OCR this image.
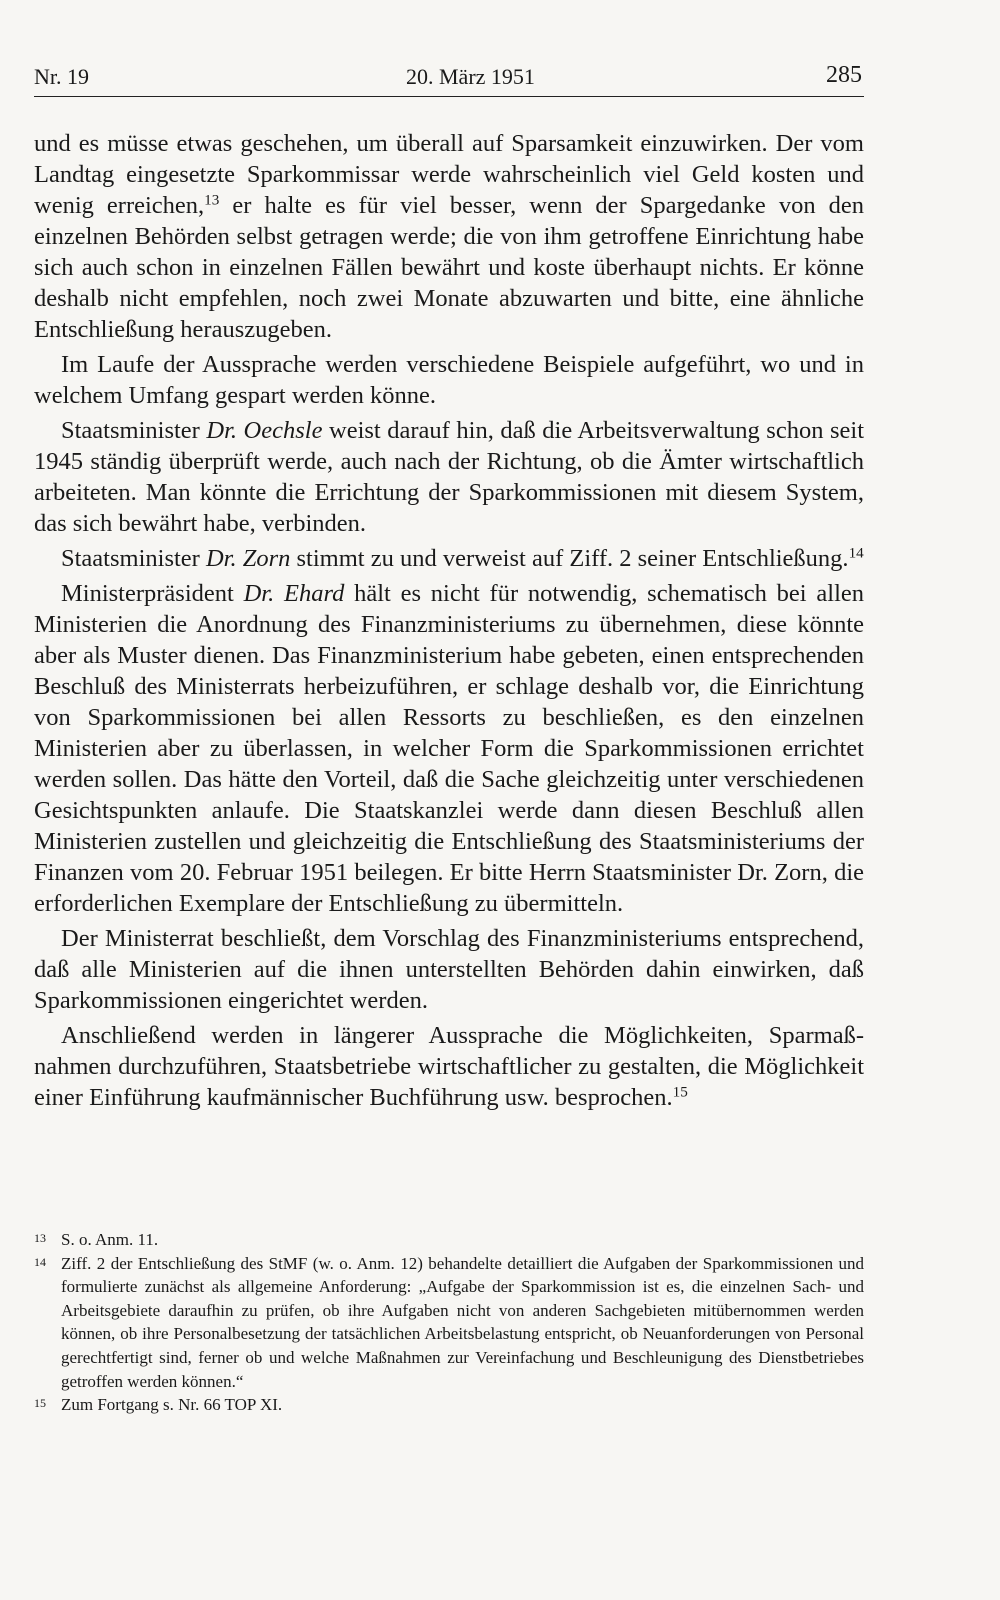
Nr. 19	20. März 1951	285

und es müsse etwas geschehen, um überall auf Sparsamkeit einzuwirken. Der vom Landtag eingesetzte Sparkommissar werde wahrscheinlich viel Geld kosten und wenig erreichen,$^{13}$ er halte es für viel besser, wenn der Spargedanke von den einzelnen Behörden selbst getragen werde; die von ihm getroffene Einrichtung habe sich auch schon in einzelnen Fällen bewährt und koste überhaupt nichts. Er könne deshalb nicht empfehlen, noch zwei Monate abzuwarten und bitte, eine ähnliche Entschließung herauszugeben.

Im Laufe der Aussprache werden verschiedene Beispiele aufgeführt, wo und in welchem Umfang gespart werden könne.

Staatsminister Dr. Oechsle weist darauf hin, daß die Arbeitsverwaltung schon seit 1945 ständig überprüft werde, auch nach der Richtung, ob die Ämter wirtschaftlich arbeiteten. Man könnte die Errichtung der Sparkommissionen mit diesem System, das sich bewährt habe, verbinden.

Staatsminister Dr. Zorn stimmt zu und verweist auf Ziff. 2 seiner Entschließung.$^{14}$

Ministerpräsident Dr. Ehard hält es nicht für notwendig, schematisch bei allen Ministerien die Anordnung des Finanzministeriums zu übernehmen, diese könnte aber als Muster dienen. Das Finanzministerium habe gebeten, einen entsprechenden Beschluß des Ministerrats herbeizuführen, er schlage deshalb vor, die Einrichtung von Sparkommissionen bei allen Ressorts zu beschließen, es den einzelnen Ministerien aber zu überlassen, in welcher Form die Sparkommissionen errichtet werden sollen. Das hätte den Vorteil, daß die Sache gleichzeitig unter verschiedenen Gesichtspunkten anlaufe. Die Staatskanzlei werde dann diesen Beschluß allen Ministerien zustellen und gleichzeitig die Entschließung des Staatsministeriums der Finanzen vom 20. Februar 1951 beilegen. Er bitte Herrn Staatsminister Dr. Zorn, die erforderlichen Exemplare der Entschließung zu übermitteln.

Der Ministerrat beschließt, dem Vorschlag des Finanzministeriums entsprechend, daß alle Ministerien auf die ihnen unterstellten Behörden dahin einwirken, daß Sparkommissionen eingerichtet werden.

Anschließend werden in längerer Aussprache die Möglichkeiten, Sparmaßnahmen durchzuführen, Staatsbetriebe wirtschaftlicher zu gestalten, die Möglichkeit einer Einführung kaufmännischer Buchführung usw. besprochen.$^{15}$

13 S. o. Anm. 11.
14 Ziff. 2 der Entschließung des StMF (w. o. Anm. 12) behandelte detailliert die Aufgaben der Sparkommissionen und formulierte zunächst als allgemeine Anforderung: „Aufgabe der Sparkommission ist es, die einzelnen Sach- und Arbeitsgebiete daraufhin zu prüfen, ob ihre Aufgaben nicht von anderen Sachgebieten mitübernommen werden können, ob ihre Personalbesetzung der tatsächlichen Arbeitsbelastung entspricht, ob Neuanforderungen von Personal gerechtfertigt sind, ferner ob und welche Maßnahmen zur Vereinfachung und Beschleunigung des Dienstbetriebes getroffen werden können.“
15 Zum Fortgang s. Nr. 66 TOP XI.
